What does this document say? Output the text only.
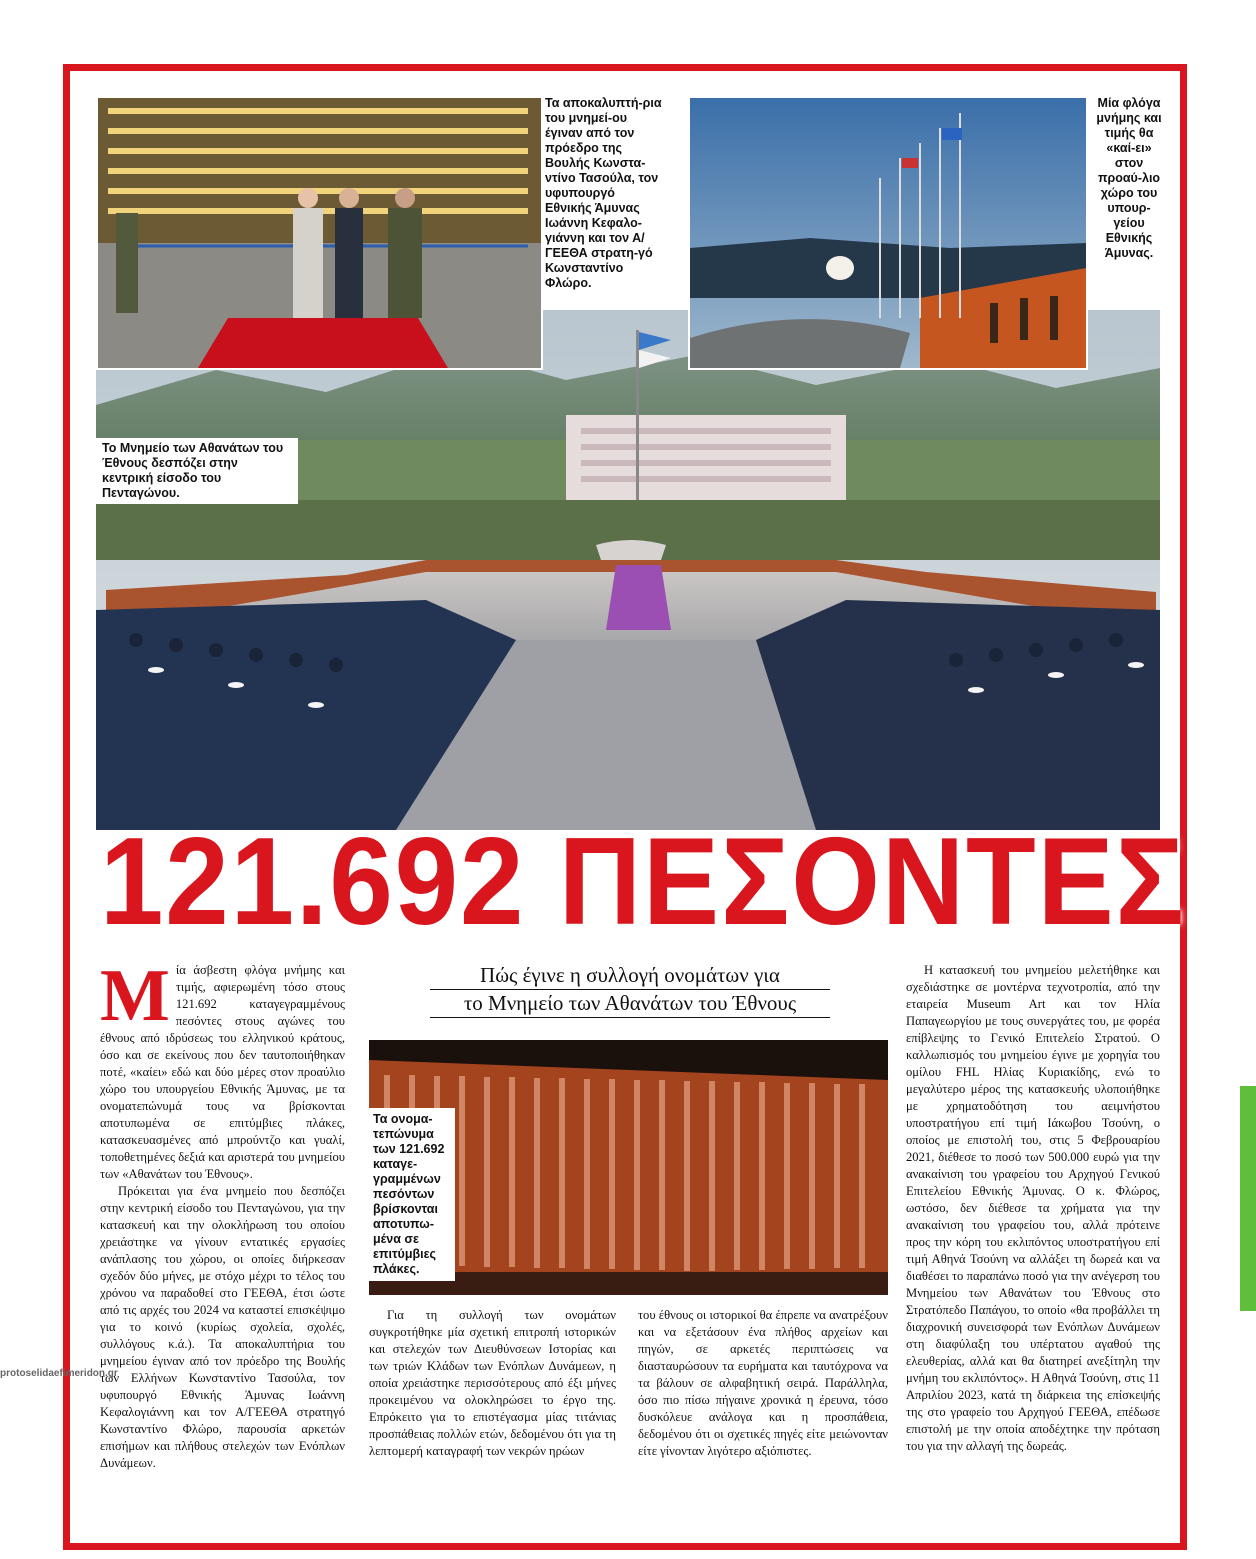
Τα αποκαλυπτή-ρια του μνημεί-ου έγιναν από τον πρόεδρο της Βουλής Κωνστα-ντίνο Τασούλα, τον υφυπουργό Εθνικής Άμυνας Ιωάννη Κεφαλο-γιάννη και τον Α/ ΓΕΕΘΑ στρατη-γό Κωνσταντίνο Φλώρο.
Μία φλόγα μνήμης και τιμής θα «καί-ει» στον προαύ-λιο χώρο του υπουρ-γείου Εθνικής Άμυνας.
Το Μνημείο των Αθανάτων του Έθνους δεσπόζει στην κεντρική είσοδο του Πενταγώνου.
121.692 ΠΕΣΟΝΤΕΣ
Πώς έγινε η συλλογή ονομάτων για
το Μνημείο των Αθανάτων του Έθνους
Τα ονομα-τεπώνυμα των 121.692 καταγε-γραμμένων πεσόντων βρίσκονται αποτυπω-μένα σε επιτύμβιες πλάκες.

Μία άσβεστη φλόγα μνήμης και τιμής, αφιερωμένη τόσο στους 121.692 καταγεγραμμένους πεσόντες στους αγώνες του έθνους από ιδρύσεως του ελληνικού κράτους, όσο και σε εκείνους που δεν ταυτοποιήθηκαν ποτέ, «καίει» εδώ και δύο μέρες στον προαύλιο χώρο του υπουργείου Εθνικής Άμυνας, με τα ονοματεπώνυμά τους να βρίσκονται αποτυπωμένα σε επιτύμβιες πλάκες, κατασκευασμένες από μπρούντζο και γυαλί, τοποθετημένες δεξιά και αριστερά του μνημείου των «Αθανάτων του Έθνους».

Πρόκειται για ένα μνημείο που δεσπόζει στην κεντρική είσοδο του Πενταγώνου, για την κατασκευή και την ολοκλήρωση του οποίου χρειάστηκε να γίνουν εντατικές εργασίες ανάπλασης του χώρου, οι οποίες διήρκεσαν σχεδόν δύο μήνες, με στόχο μέχρι το τέλος του χρόνου να παραδοθεί στο ΓΕΕΘΑ, έτσι ώστε από τις αρχές του 2024 να καταστεί επισκέψιμο για το κοινό (κυρίως σχολεία, σχολές, συλλόγους κ.ά.). Τα αποκαλυπτήρια του μνημείου έγιναν από τον πρόεδρο της Βουλής των Ελλήνων Κωνσταντίνο Τασούλα, τον υφυπουργό Εθνικής Άμυνας Ιωάννη Κεφαλογιάννη και τον Α/ΓΕΕΘΑ στρατηγό Κωνσταντίνο Φλώρο, παρουσία αρκετών επισήμων και πλήθους στελεχών των Ενόπλων Δυνάμεων.

Για τη συλλογή των ονομάτων συγκροτήθηκε μία σχετική επιτροπή ιστορικών και στελεχών των Διευθύνσεων Ιστορίας και των τριών Κλάδων των Ενόπλων Δυνάμεων, η οποία χρειάστηκε περισσότερους από έξι μήνες προκειμένου να ολοκληρώσει το έργο της. Επρόκειτο για το επιστέγασμα μίας τιτάνιας προσπάθειας πολλών ετών, δεδομένου ότι για τη λεπτομερή καταγραφή των νεκρών ηρώων

του έθνους οι ιστορικοί θα έπρεπε να ανατρέξουν και να εξετάσουν ένα πλήθος αρχείων και πηγών, σε αρκετές περιπτώσεις να διασταυρώσουν τα ευρήματα και ταυτόχρονα να τα βάλουν σε αλφαβητική σειρά. Παράλληλα, όσο πιο πίσω πήγαινε χρονικά η έρευνα, τόσο δυσκόλευε ανάλογα και η προσπάθεια, δεδομένου ότι οι σχετικές πηγές είτε μειώνονταν είτε γίνονταν λιγότερο αξιόπιστες.

Η κατασκευή του μνημείου μελετήθηκε και σχεδιάστηκε σε μοντέρνα τεχνοτροπία, από την εταιρεία Museum Art και τον Ηλία Παπαγεωργίου με τους συνεργάτες του, με φορέα επίβλεψης το Γενικό Επιτελείο Στρατού. Ο καλλωπισμός του μνημείου έγινε με χορηγία του ομίλου FHL Ηλίας Κυριακίδης, ενώ το μεγαλύτερο μέρος της κατασκευής υλοποιήθηκε με χρηματοδότηση του αειμνήστου υποστρατήγου επί τιμή Ιάκωβου Τσούνη, ο οποίος με επιστολή του, στις 5 Φεβρουαρίου 2021, διέθεσε το ποσό των 500.000 ευρώ για την ανακαίνιση του γραφείου του Αρχηγού Γενικού Επιτελείου Εθνικής Άμυνας. Ο κ. Φλώρος, ωστόσο, δεν διέθεσε τα χρήματα για την ανακαίνιση του γραφείου του, αλλά πρότεινε προς την κόρη του εκλιπόντος υποστρατήγου επί τιμή Αθηνά Τσούνη να αλλάξει τη δωρεά και να διαθέσει το παραπάνω ποσό για την ανέγερση του Μνημείου των Αθανάτων του Έθνους στο Στρατόπεδο Παπάγου, το οποίο «θα προβάλλει τη διαχρονική συνεισφορά των Ενόπλων Δυνάμεων στη διαφύλαξη του υπέρτατου αγαθού της ελευθερίας, αλλά και θα διατηρεί ανεξίτηλη την μνήμη του εκλιπόντος». Η Αθηνά Τσούνη, στις 11 Απριλίου 2023, κατά τη διάρκεια της επίσκεψής της στο γραφείο του Αρχηγού ΓΕΕΘΑ, επέδωσε επιστολή με την οποία αποδέχτηκε την πρόταση του για την αλλαγή της δωρεάς.

protoselidaefimeridon.gr
